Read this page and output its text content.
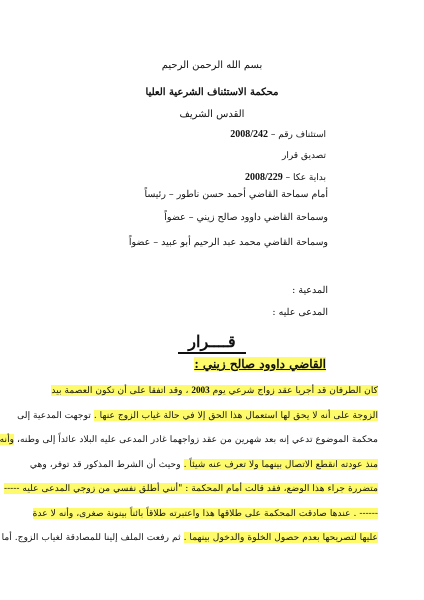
بسم الله الرحمن الرحيم
محكمة الاستئناف الشرعية العليا
القدس الشريف
استئناف رقم – 2008/242
تصديق قرار
بداية عكا – 2008/229
أمام سماحة القاضي أحمد حسن ناطور – رئيساً
وسماحة القاضي داوود صالح زيني – عضواً
وسماحة القاضي محمد عبد الرحيم أبو عبيد – عضواً
المدعية :
المدعى عليه :
قــــرار
القاضي داوود صالح زيني :
كان الطرفان قد أجريا عقد زواج شرعي يوم 2003 ، وقد اتفقا على أن تكون العصمة بيد
الزوجة على أنه لا يحق لها استعمال هذا الحق إلا في حالة غياب الزوج عنها . توجهت المدعية إلى
محكمة الموضوع تدعي إنه بعد شهرين من عقد زواجهما غادر المدعى عليه البلاد عائداً إلى وطنه، وأنه
منذ عودته انقطع الاتصال بينهما ولا تعرف عنه شيئاً . وحيث أن الشرط المذكور قد توفر، وهي
متضررة جراء هذا الوضع، فقد قالت أمام المحكمة : "أنني أطلق نفسي من زوجي المدعى عليه -----
------ . عندها صادقت المحكمة على طلاقها هذا واعتبرته طلاقاً بائناً بينونة صغرى، وأنه لا عدة
عليها لتصريحها بعدم حصول الخلوة والدخول بينهما . ثم رفعت الملف إلينا للمصادقة لغياب الزوج. أما
